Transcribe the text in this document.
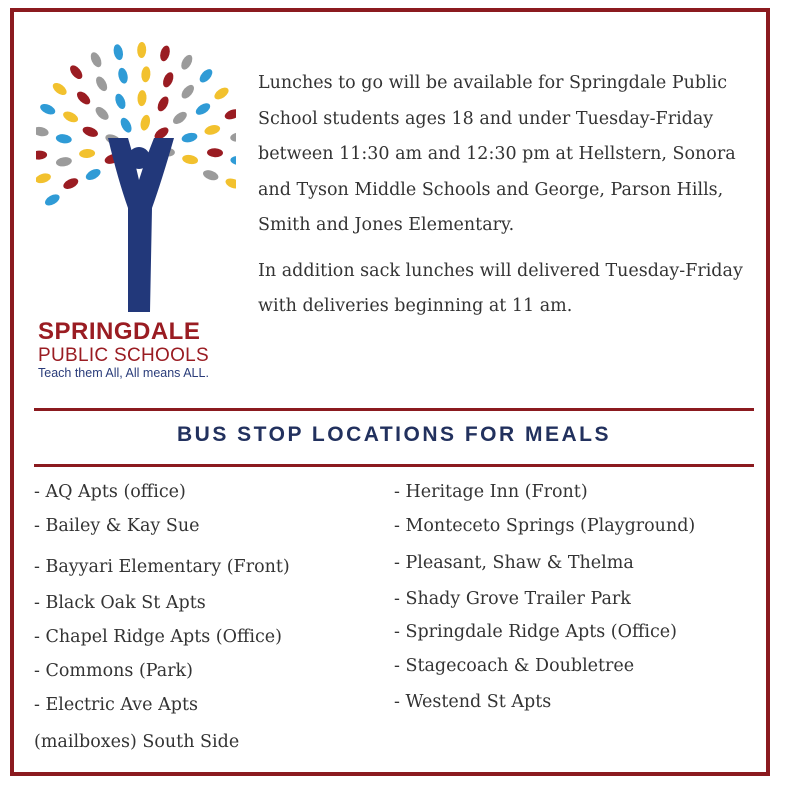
SPRINGDALE
PUBLIC SCHOOLS
Teach them All, All means ALL.

Lunches to go will be available for Springdale Public School students ages 18 and under Tuesday-Friday between 11:30 am and 12:30 pm at Hellstern, Sonora and Tyson Middle Schools and George, Parson Hills, Smith and Jones Elementary.

In addition sack lunches will delivered Tuesday-Friday with deliveries beginning at 11 am.

BUS STOP LOCATIONS FOR MEALS
- AQ Apts (office)
- Bailey & Kay Sue
- Bayyari Elementary (Front)
- Black Oak St Apts
- Chapel Ridge Apts (Office)
- Commons (Park)
- Electric Ave Apts
(mailboxes) South Side
- Heritage Inn (Front)
- Monteceto Springs (Playground)
- Pleasant, Shaw & Thelma
- Shady Grove Trailer Park
- Springdale Ridge Apts (Office)
- Stagecoach & Doubletree
- Westend St Apts
